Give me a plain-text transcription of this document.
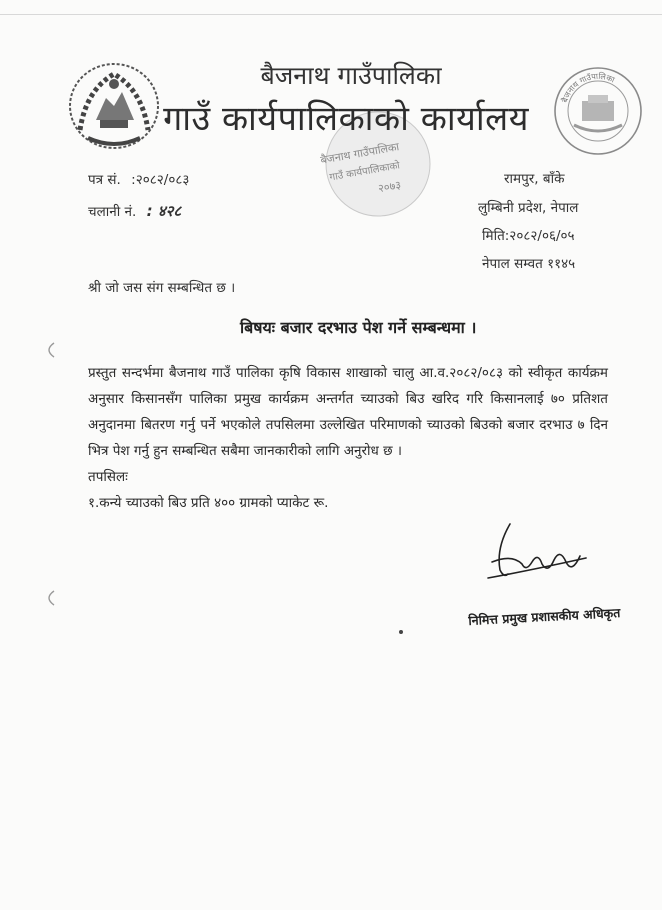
बैजनाथ गाउँपालिका
बैजनाथ गाउँपालिका
गाउँ कार्यपालिकाको
२०७३
बैजनाथ गाउँपालिका
गाउँ कार्यपालिकाको कार्यालय
पत्र सं. :२०८२/०८३
चलानी नं. : ४२८
रामपुर, बाँके
लुम्बिनी प्रदेश, नेपाल
मिति:२०८२/०६/०५
नेपाल सम्वत ११४५
श्री जो जस संग सम्बन्धित छ ।
बिषयः बजार दरभाउ पेश गर्ने सम्बन्धमा ।
प्रस्तुत सन्दर्भमा बैजनाथ गाउँ पालिका कृषि विकास शाखाको चालु आ.व.२०८२/०८३ को स्वीकृत कार्यक्रम अनुसार किसानसँग पालिका प्रमुख कार्यक्रम अन्तर्गत च्याउको बिउ खरिद गरि किसानलाई ७० प्रतिशत अनुदानमा बितरण गर्नु पर्ने भएकोले तपसिलमा उल्लेखित परिमाणको च्याउको बिउको बजार दरभाउ ७ दिन भित्र पेश गर्नु हुन सम्बन्धित सबैमा जानकारीको लागि अनुरोध छ ।
तपसिलः
१.कन्ये च्याउको बिउ प्रति ४०० ग्रामको प्याकेट रू.
निमित्त प्रमुख प्रशासकीय अधिकृत
